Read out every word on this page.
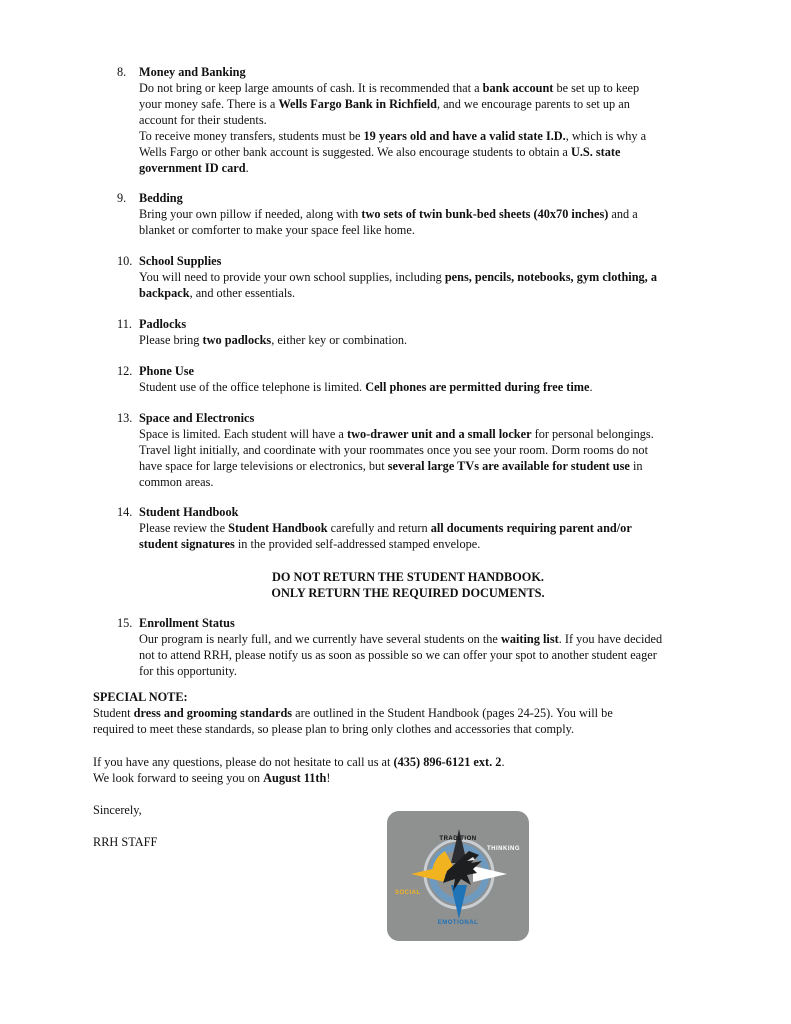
8.	Money and Banking

Do not bring or keep large amounts of cash. It is recommended that a bank account be set up to keep

your money safe. There is a Wells Fargo Bank in Richfield, and we encourage parents to set up an

account for their students.

To receive money transfers, students must be 19 years old and have a valid state I.D., which is why a

Wells Fargo or other bank account is suggested. We also encourage students to obtain a U.S. state

government ID card.

9.	Bedding

Bring your own pillow if needed, along with two sets of twin bunk-bed sheets (40x70 inches) and a

blanket or comforter to make your space feel like home.

10. School Supplies

You will need to provide your own school supplies, including pens, pencils, notebooks, gym clothing, a

backpack, and other essentials.

11. Padlocks

Please bring two padlocks, either key or combination.

12. Phone Use

Student use of the office telephone is limited. Cell phones are permitted during free time.

13. Space and Electronics

Space is limited. Each student will have a two-drawer unit and a small locker for personal belongings.

Travel light initially, and coordinate with your roommates once you see your room. Dorm rooms do not

have space for large televisions or electronics, but several large TVs are available for student use in

common areas.

14. Student Handbook

Please review the Student Handbook carefully and return all documents requiring parent and/or

student signatures in the provided self-addressed stamped envelope.

15. Enrollment Status

Our program is nearly full, and we currently have several students on the waiting list. If you have decided

not to attend RRH, please notify us as soon as possible so we can offer your spot to another student eager

for this opportunity.

DO NOT RETURN THE STUDENT HANDBOOK.
ONLY RETURN THE REQUIRED DOCUMENTS.

SPECIAL NOTE:

Student dress and grooming standards are outlined in the Student Handbook (pages 24-25). You will be

required to meet these standards, so please plan to bring only clothes and accessories that comply.

If you have any questions, please do not hesitate to call us at (435) 896-6121 ext. 2.

We look forward to seeing you on August 11th!

Sincerely,
RRH STAFF	TRADITION
THINKING
SOCIAL
EMOTIONAL
